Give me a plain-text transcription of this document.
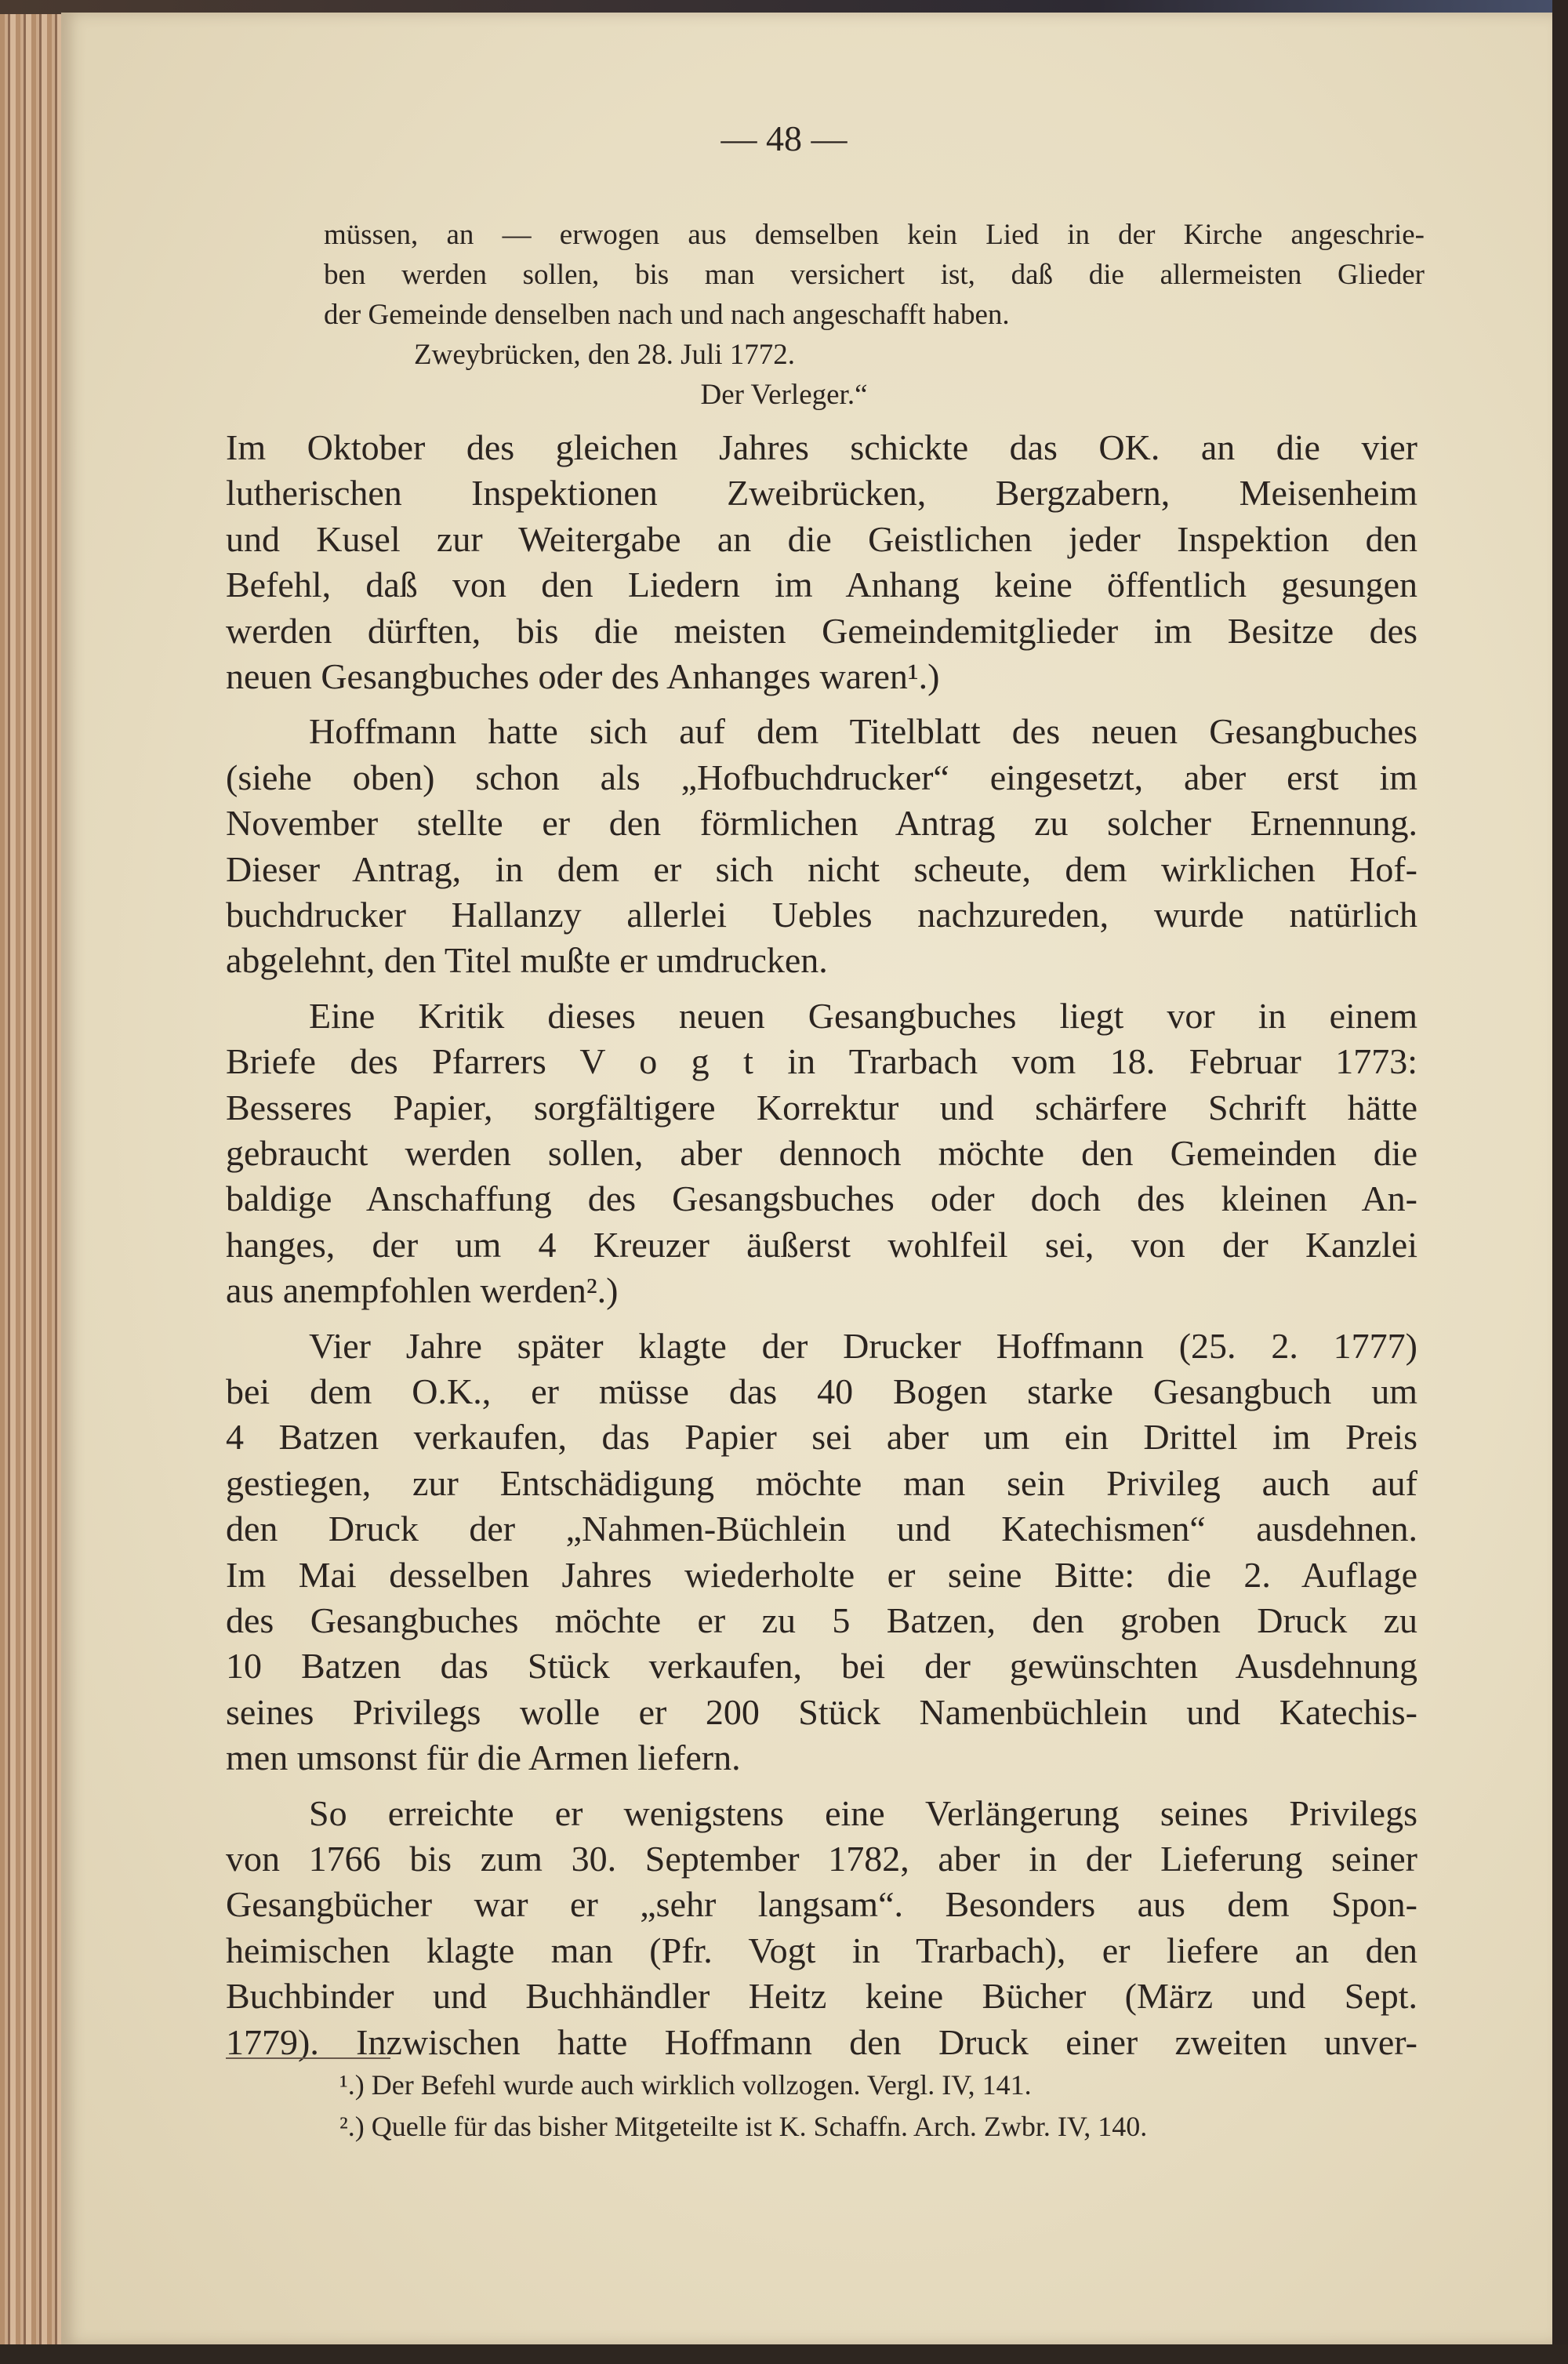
— 48 —
müssen, an — erwogen aus demselben kein Lied in der Kirche angeschrie-
ben werden sollen, bis man versichert ist, daß die allermeisten Glieder
der Gemeinde denselben nach und nach angeschafft haben.
Zweybrücken, den 28. Juli 1772.
Der Verleger.“
Im Oktober des gleichen Jahres schickte das OK. an die vier
lutherischen Inspektionen Zweibrücken, Bergzabern, Meisenheim
und Kusel zur Weitergabe an die Geistlichen jeder Inspektion den
Befehl, daß von den Liedern im Anhang keine öffentlich gesungen
werden dürften, bis die meisten Gemeindemitglieder im Besitze des
neuen Gesangbuches oder des Anhanges waren¹.)
Hoffmann hatte sich auf dem Titelblatt des neuen Gesangbuches
(siehe oben) schon als „Hofbuchdrucker“ eingesetzt, aber erst im
November stellte er den förmlichen Antrag zu solcher Ernennung.
Dieser Antrag, in dem er sich nicht scheute, dem wirklichen Hof-
buchdrucker Hallanzy allerlei Uebles nachzureden, wurde natürlich
abgelehnt, den Titel mußte er umdrucken.
Eine Kritik dieses neuen Gesangbuches liegt vor in einem
Briefe des Pfarrers V o g t in Trarbach vom 18. Februar 1773:
Besseres Papier, sorgfältigere Korrektur und schärfere Schrift hätte
gebraucht werden sollen, aber dennoch möchte den Gemeinden die
baldige Anschaffung des Gesangsbuches oder doch des kleinen An-
hanges, der um 4 Kreuzer äußerst wohlfeil sei, von der Kanzlei
aus anempfohlen werden².)
Vier Jahre später klagte der Drucker Hoffmann (25. 2. 1777)
bei dem O.K., er müsse das 40 Bogen starke Gesangbuch um
4 Batzen verkaufen, das Papier sei aber um ein Drittel im Preis
gestiegen, zur Entschädigung möchte man sein Privileg auch auf
den Druck der „Nahmen-Büchlein und Katechismen“ ausdehnen.
Im Mai desselben Jahres wiederholte er seine Bitte: die 2. Auflage
des Gesangbuches möchte er zu 5 Batzen, den groben Druck zu
10 Batzen das Stück verkaufen, bei der gewünschten Ausdehnung
seines Privilegs wolle er 200 Stück Namenbüchlein und Katechis-
men umsonst für die Armen liefern.
So erreichte er wenigstens eine Verlängerung seines Privilegs
von 1766 bis zum 30. September 1782, aber in der Lieferung seiner
Gesangbücher war er „sehr langsam“. Besonders aus dem Spon-
heimischen klagte man (Pfr. Vogt in Trarbach), er liefere an den
Buchbinder und Buchhändler Heitz keine Bücher (März und Sept.
1779). Inzwischen hatte Hoffmann den Druck einer zweiten unver-
¹.) Der Befehl wurde auch wirklich vollzogen. Vergl. IV, 141.
².) Quelle für das bisher Mitgeteilte ist K. Schaffn. Arch. Zwbr. IV, 140.
